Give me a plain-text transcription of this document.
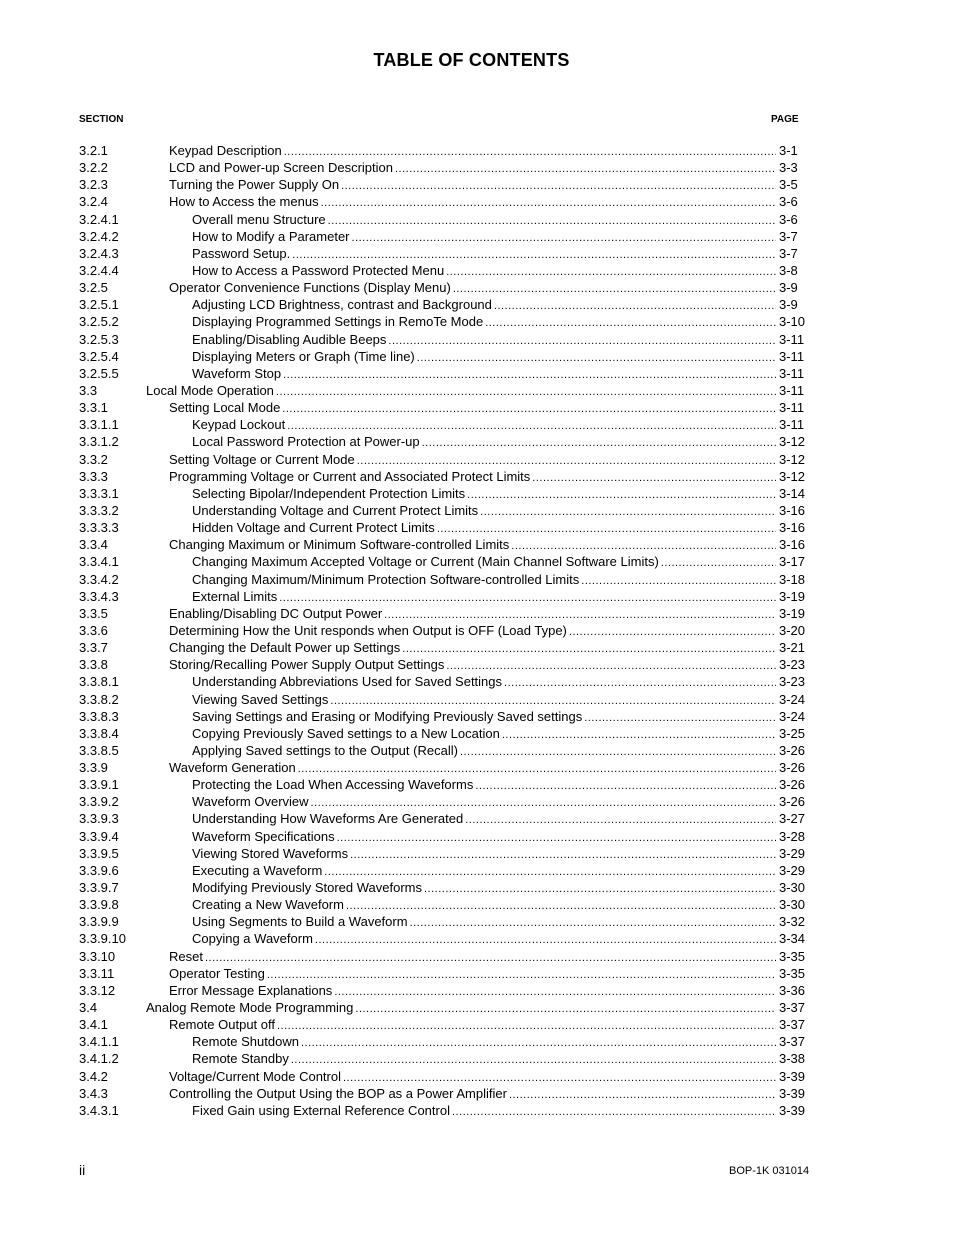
TABLE OF CONTENTS
SECTION	PAGE
3.2.1	Keypad Description .....	3-1
3.2.2	LCD and Power-up Screen Description .....	3-3
3.2.3	Turning the Power Supply On .....	3-5
3.2.4	How to Access the menus .....	3-6
3.2.4.1	Overall menu Structure .....	3-6
3.2.4.2	How to Modify a Parameter .....	3-7
3.2.4.3	Password Setup. .....	3-7
3.2.4.4	How to Access a Password Protected Menu .....	3-8
3.2.5	Operator Convenience Functions (Display Menu) .....	3-9
3.2.5.1	Adjusting LCD Brightness, contrast and Background .....	3-9
3.2.5.2	Displaying Programmed Settings in RemoTe Mode .....	3-10
3.2.5.3	Enabling/Disabling Audible Beeps .....	3-11
3.2.5.4	Displaying Meters or Graph (Time line) .....	3-11
3.2.5.5	Waveform Stop .....	3-11
3.3	Local Mode Operation .....	3-11
3.3.1	Setting Local Mode .....	3-11
3.3.1.1	Keypad Lockout .....	3-11
3.3.1.2	Local Password Protection at Power-up .....	3-12
3.3.2	Setting Voltage or Current Mode .....	3-12
3.3.3	Programming Voltage or Current and Associated Protect Limits .....	3-12
3.3.3.1	Selecting Bipolar/Independent Protection Limits .....	3-14
3.3.3.2	Understanding Voltage and Current Protect Limits .....	3-16
3.3.3.3	Hidden Voltage and Current Protect Limits .....	3-16
3.3.4	Changing Maximum or Minimum Software-controlled Limits .....	3-16
3.3.4.1	Changing Maximum Accepted Voltage or Current (Main Channel Software Limits) .....	3-17
3.3.4.2	Changing Maximum/Minimum Protection Software-controlled Limits .....	3-18
3.3.4.3	External Limits .....	3-19
3.3.5	Enabling/Disabling DC Output Power .....	3-19
3.3.6	Determining How the Unit responds when Output is OFF (Load Type) .....	3-20
3.3.7	Changing the Default Power up Settings .....	3-21
3.3.8	Storing/Recalling Power Supply Output Settings .....	3-23
3.3.8.1	Understanding Abbreviations Used for Saved Settings .....	3-23
3.3.8.2	Viewing Saved Settings .....	3-24
3.3.8.3	Saving Settings and Erasing or Modifying Previously Saved settings .....	3-24
3.3.8.4	Copying Previously Saved settings to a New Location .....	3-25
3.3.8.5	Applying Saved settings to the Output (Recall) .....	3-26
3.3.9	Waveform Generation .....	3-26
3.3.9.1	Protecting the Load When Accessing Waveforms .....	3-26
3.3.9.2	Waveform Overview .....	3-26
3.3.9.3	Understanding How Waveforms Are Generated .....	3-27
3.3.9.4	Waveform Specifications .....	3-28
3.3.9.5	Viewing Stored Waveforms .....	3-29
3.3.9.6	Executing a Waveform .....	3-29
3.3.9.7	Modifying Previously Stored Waveforms .....	3-30
3.3.9.8	Creating a New Waveform .....	3-30
3.3.9.9	Using Segments to Build a Waveform .....	3-32
3.3.9.10	Copying a Waveform .....	3-34
3.3.10	Reset .....	3-35
3.3.11	Operator Testing .....	3-35
3.3.12	Error Message Explanations .....	3-36
3.4	Analog Remote Mode Programming .....	3-37
3.4.1	Remote Output off .....	3-37
3.4.1.1	Remote Shutdown .....	3-37
3.4.1.2	Remote Standby .....	3-38
3.4.2	Voltage/Current Mode Control .....	3-39
3.4.3	Controlling the Output Using the BOP as a Power Amplifier .....	3-39
3.4.3.1	Fixed Gain using External Reference Control .....	3-39
ii	BOP-1K 031014
